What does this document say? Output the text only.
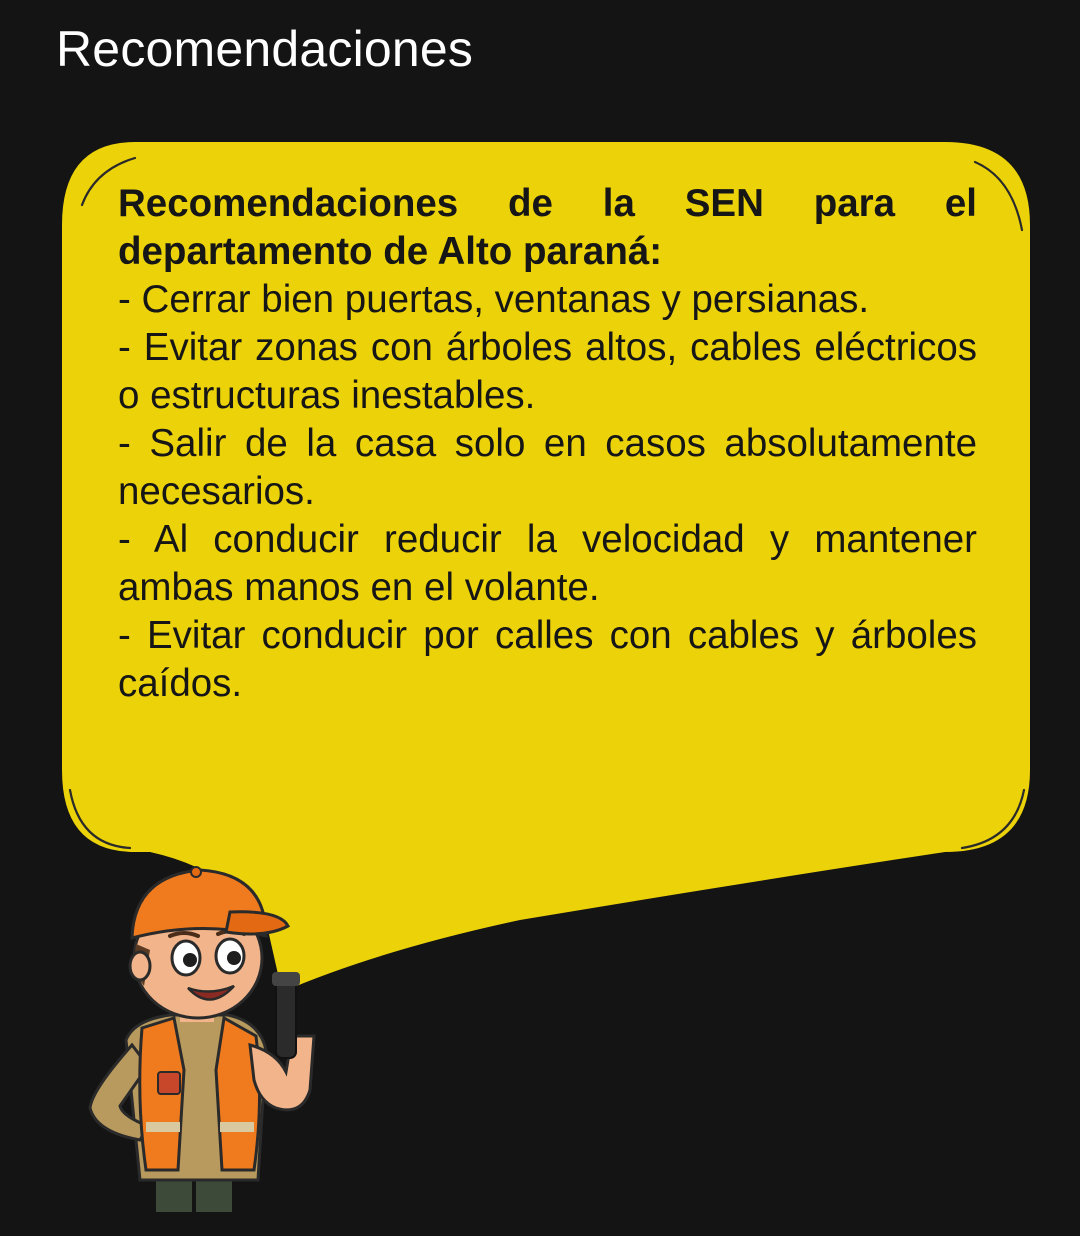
Recomendaciones

Recomendaciones de la SEN para el departamento de Alto paraná:

- Cerrar bien puertas, ventanas y persianas.

- Evitar zonas con árboles altos, cables eléctricos o estructuras inestables.

- Salir de la casa solo en casos absolutamente necesarios.

- Al conducir reducir la velocidad y mantener ambas manos en el volante.

- Evitar conducir por calles con cables y árboles caídos.
